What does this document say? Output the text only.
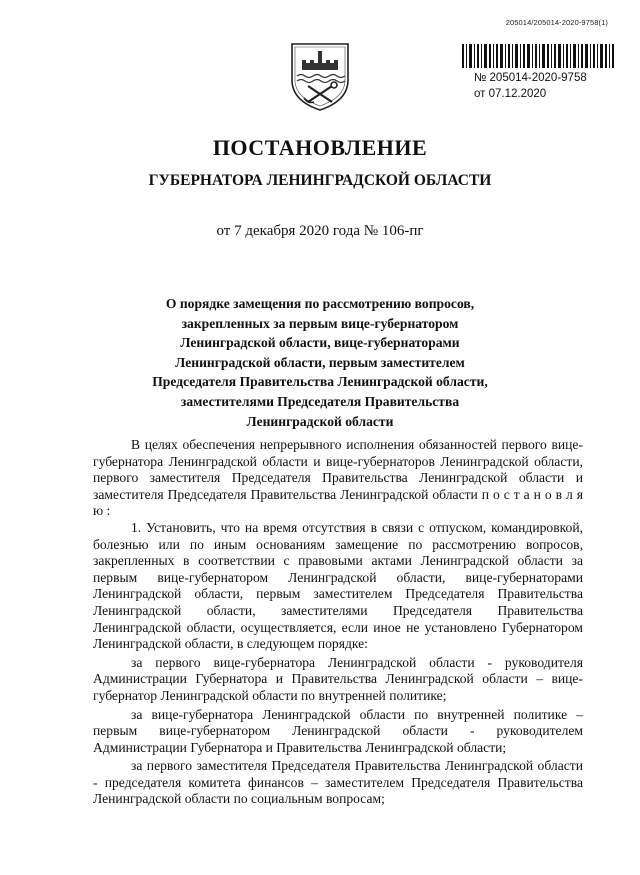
205014/205014-2020-9758(1)
№ 205014-2020-9758
от 07.12.2020
ПОСТАНОВЛЕНИЕ
ГУБЕРНАТОРА ЛЕНИНГРАДСКОЙ ОБЛАСТИ
от 7 декабря 2020 года № 106-пг
О порядке замещения по рассмотрению вопросов, закрепленных за первым вице-губернатором Ленинградской области, вице-губернаторами Ленинградской области, первым заместителем Председателя Правительства Ленинградской области, заместителями Председателя Правительства Ленинградской области

В целях обеспечения непрерывного исполнения обязанностей первого вице-губернатора Ленинградской области и вице-губернаторов Ленинградской области, первого заместителя Председателя Правительства Ленинградской области и заместителя Председателя Правительства Ленинградской области п о с т а н о в л я ю :

1. Установить, что на время отсутствия в связи с отпуском, командировкой, болезнью или по иным основаниям замещение по рассмотрению вопросов, закрепленных в соответствии с правовыми актами Ленинградской области за первым вице-губернатором Ленинградской области, вице-губернаторами Ленинградской области, первым заместителем Председателя Правительства Ленинградской области, заместителями Председателя Правительства Ленинградской области, осуществляется, если иное не установлено Губернатором Ленинградской области, в следующем порядке:

за первого вице-губернатора Ленинградской области - руководителя Администрации Губернатора и Правительства Ленинградской области – вице-губернатор Ленинградской области по внутренней политике;

за вице-губернатора Ленинградской области по внутренней политике – первым вице-губернатором Ленинградской области - руководителем Администрации Губернатора и Правительства Ленинградской области;

за первого заместителя Председателя Правительства Ленинградской области - председателя комитета финансов – заместителем Председателя Правительства Ленинградской области по социальным вопросам;
